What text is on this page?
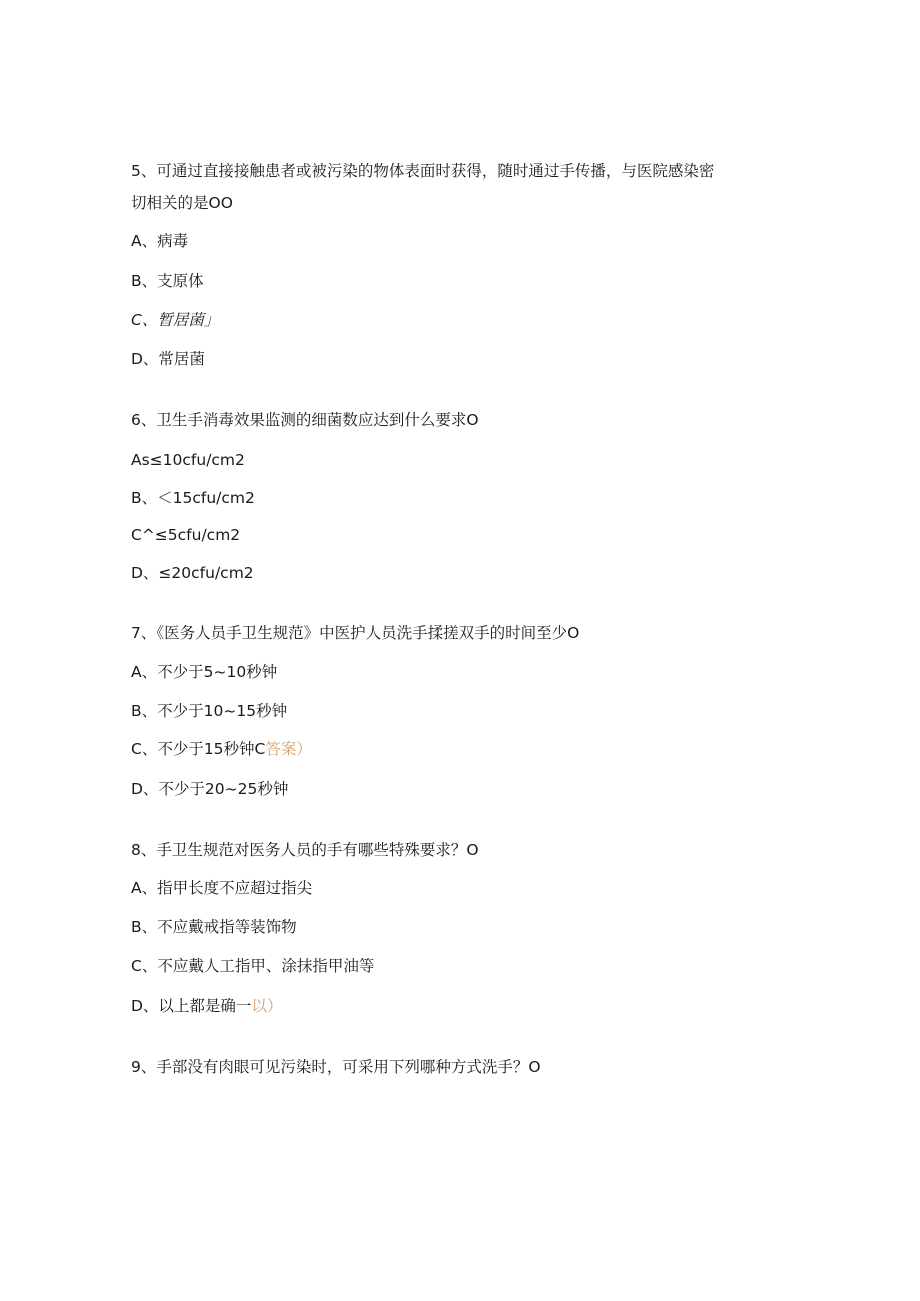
5、可通过直接接触患者或被污染的物体表面时获得，随时通过手传播，与医院感染密
切相关的是OO
A、病毒
B、支原体
C、暂居菌」
D、常居菌
6、卫生手消毒效果监测的细菌数应达到什么要求O
As≤10cfu∕cm2
B、＜15cfu∕cm2
C^≤5cfu∕cm2
D、≤20cfu∕cm2
7、《医务人员手卫生规范》中医护人员洗手揉搓双手的时间至少O
A、不少于5~10秒钟
B、不少于10~15秒钟
C、不少于15秒钟C答案）
D、不少于20~25秒钟
8、手卫生规范对医务人员的手有哪些特殊要求？O
A、指甲长度不应超过指尖
B、不应戴戒指等装饰物
C、不应戴人工指甲、涂抹指甲油等
D、以上都是确一以）
9、手部没有肉眼可见污染时，可采用下列哪种方式洗手？O
